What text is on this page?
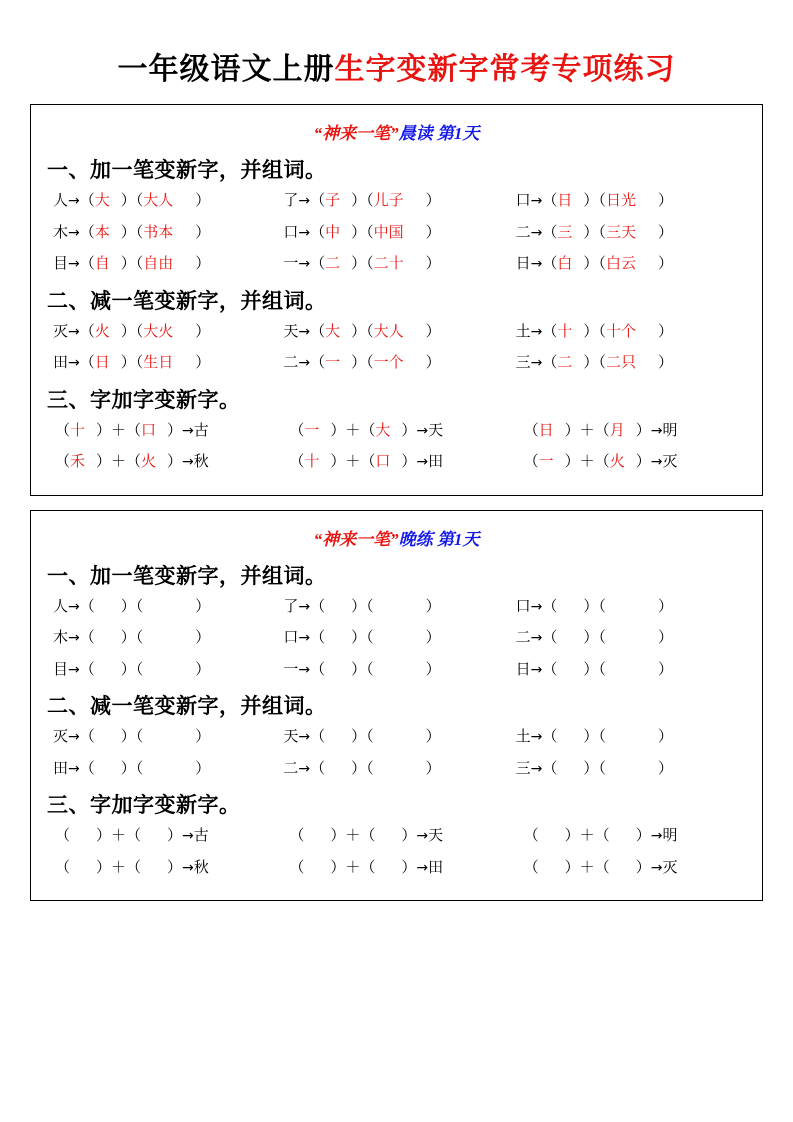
一年级语文上册生字变新字常考专项练习
“神来一笔”晨读 第1天
一、加一笔变新字，并组词。
人→（大 ）（大人 ）	了→（子 ）（儿子 ）	口→（日 ）（日光 ）
木→（本 ）（书本 ）	口→（中 ）（中国 ）	二→（三 ）（三天 ）
目→（自 ）（自由 ）	一→（二 ）（二十 ）	日→（白 ）（白云 ）
二、减一笔变新字，并组词。
灭→（火 ）（大火 ）	天→（大 ）（大人 ）	土→（十 ）（十个 ）
田→（日 ）（生日 ）	二→（一 ）（一个 ）	三→（二 ）（二只 ）
三、字加字变新字。
（十 ）＋（口 ）→古	（一 ）＋（大 ）→天	（日 ）＋（月 ）→明
（禾 ）＋（火 ）→秋	（十 ）＋（口 ）→田	（一 ）＋（火 ）→灭
“神来一笔”晚练 第1天
一、加一笔变新字，并组词。
人→（ ）（	）	了→（ ）（	）	口→（ ）（	）
木→（ ）（	）	口→（ ）（	）	二→（ ）（	）
目→（ ）（	）	一→（ ）（	）	日→（ ）（	）
二、减一笔变新字，并组词。
灭→（ ）（	）	天→（ ）（	）	土→（ ）（	）
田→（ ）（	）	二→（ ）（	）	三→（ ）（	）
三、字加字变新字。
（ ）＋（ ）→古	（ ）＋（ ）→天	（ ）＋（ ）→明
（ ）＋（ ）→秋	（ ）＋（ ）→田	（ ）＋（ ）→灭
